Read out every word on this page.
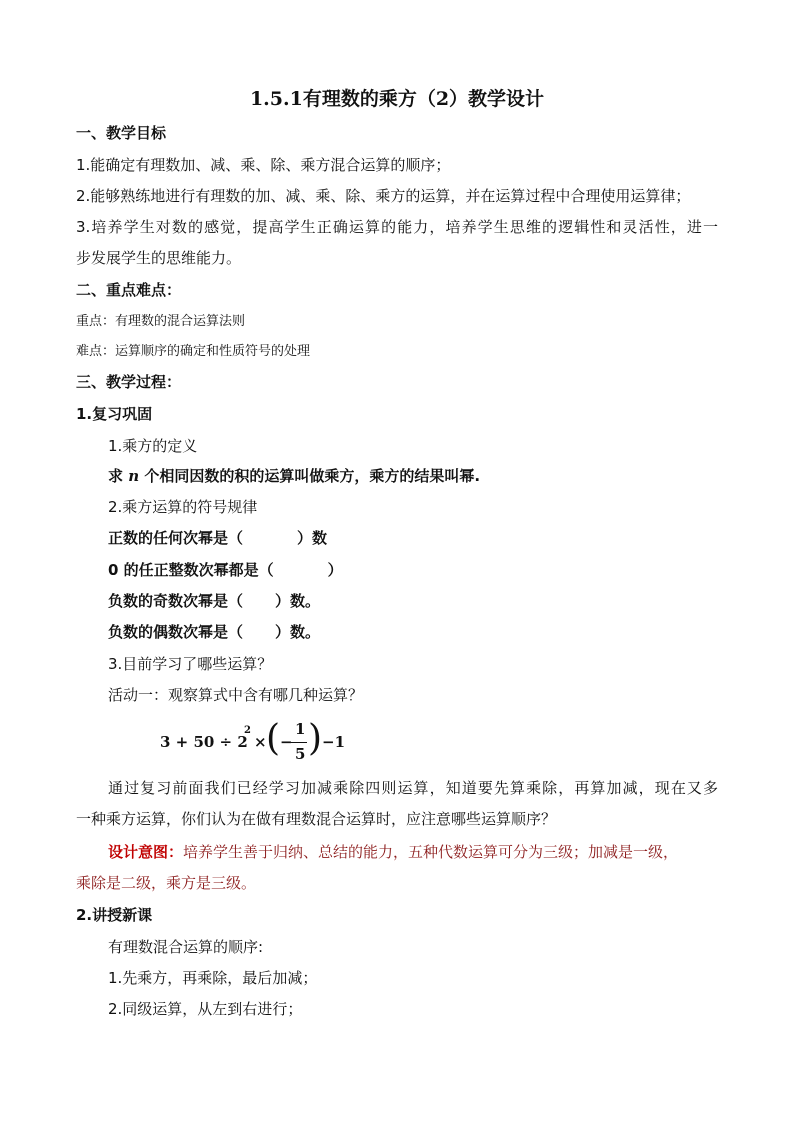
1.5.1有理数的乘方（2）教学设计
一、教学目标
1.能确定有理数加、减、乘、除、乘方混合运算的顺序；
2.能够熟练地进行有理数的加、减、乘、除、乘方的运算，并在运算过程中合理使用运算律；
3.培养学生对数的感觉，提高学生正确运算的能力，培养学生思维的逻辑性和灵活性，进一
步发展学生的思维能力。
二、重点难点：
重点：有理数的混合运算法则
难点：运算顺序的确定和性质符号的处理
三、教学过程：
1.复习巩固
1.乘方的定义
求 n 个相同因数的积的运算叫做乘方，乘方的结果叫幂.
2.乘方运算的符号规律
正数的任何次幂是（	）数
0 的任正整数次幂都是（	）
负数的奇数次幂是（ ）数。
负数的偶数次幂是（ ）数。
3.目前学习了哪些运算？
活动一：观察算式中含有哪几种运算？
3 + 50 ÷ 2
2
× ( −
1
5 ) −1
通过复习前面我们已经学习加减乘除四则运算，知道要先算乘除，再算加减，现在又多
一种乘方运算，你们认为在做有理数混合运算时，应注意哪些运算顺序？
设计意图：培养学生善于归纳、总结的能力，五种代数运算可分为三级；加减是一级，
乘除是二级，乘方是三级。
2.讲授新课
有理数混合运算的顺序:
1.先乘方，再乘除，最后加减；
2.同级运算，从左到右进行；
